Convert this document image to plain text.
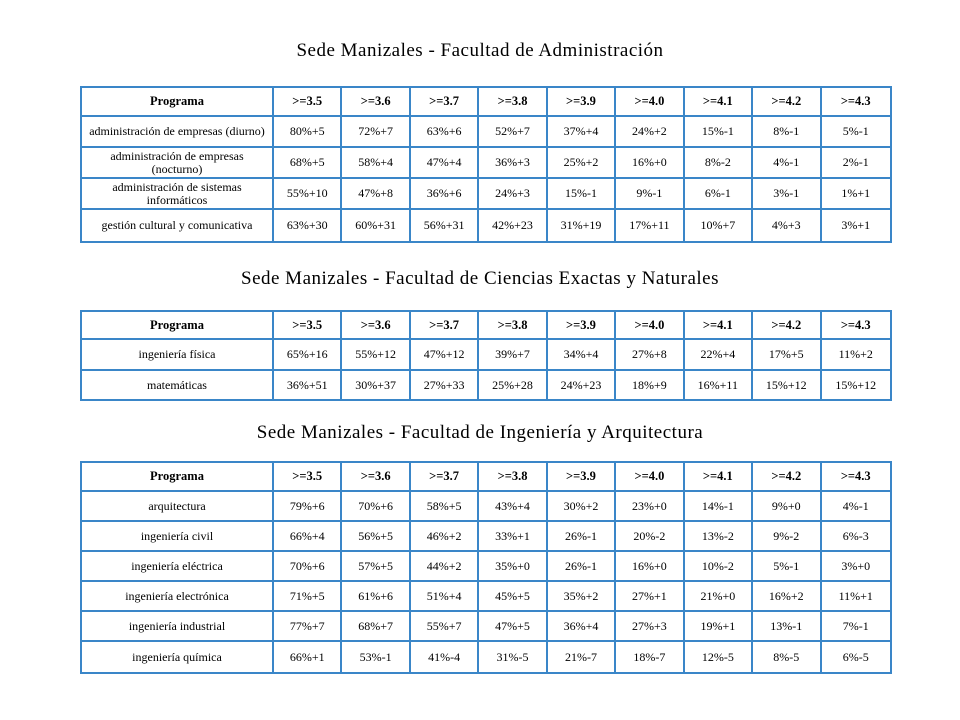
Sede Manizales - Facultad de Administración
Programa	>=3.5	>=3.6	>=3.7	>=3.8	>=3.9	>=4.0	>=4.1	>=4.2	>=4.3
administración de empresas (diurno)	80%+5	72%+7	63%+6	52%+7	37%+4	24%+2	15%-1	8%-1	5%-1
administración de empresas (nocturno)	68%+5	58%+4	47%+4	36%+3	25%+2	16%+0	8%-2	4%-1	2%-1
administración de sistemas informáticos	55%+10	47%+8	36%+6	24%+3	15%-1	9%-1	6%-1	3%-1	1%+1
gestión cultural y comunicativa	63%+30	60%+31	56%+31	42%+23	31%+19	17%+11	10%+7	4%+3	3%+1
Sede Manizales - Facultad de Ciencias Exactas y Naturales
Programa	>=3.5	>=3.6	>=3.7	>=3.8	>=3.9	>=4.0	>=4.1	>=4.2	>=4.3
ingeniería física	65%+16	55%+12	47%+12	39%+7	34%+4	27%+8	22%+4	17%+5	11%+2
matemáticas	36%+51	30%+37	27%+33	25%+28	24%+23	18%+9	16%+11	15%+12	15%+12
Sede Manizales - Facultad de Ingeniería y Arquitectura
Programa	>=3.5	>=3.6	>=3.7	>=3.8	>=3.9	>=4.0	>=4.1	>=4.2	>=4.3
arquitectura	79%+6	70%+6	58%+5	43%+4	30%+2	23%+0	14%-1	9%+0	4%-1
ingeniería civil	66%+4	56%+5	46%+2	33%+1	26%-1	20%-2	13%-2	9%-2	6%-3
ingeniería eléctrica	70%+6	57%+5	44%+2	35%+0	26%-1	16%+0	10%-2	5%-1	3%+0
ingeniería electrónica	71%+5	61%+6	51%+4	45%+5	35%+2	27%+1	21%+0	16%+2	11%+1
ingeniería industrial	77%+7	68%+7	55%+7	47%+5	36%+4	27%+3	19%+1	13%-1	7%-1
ingeniería química	66%+1	53%-1	41%-4	31%-5	21%-7	18%-7	12%-5	8%-5	6%-5
